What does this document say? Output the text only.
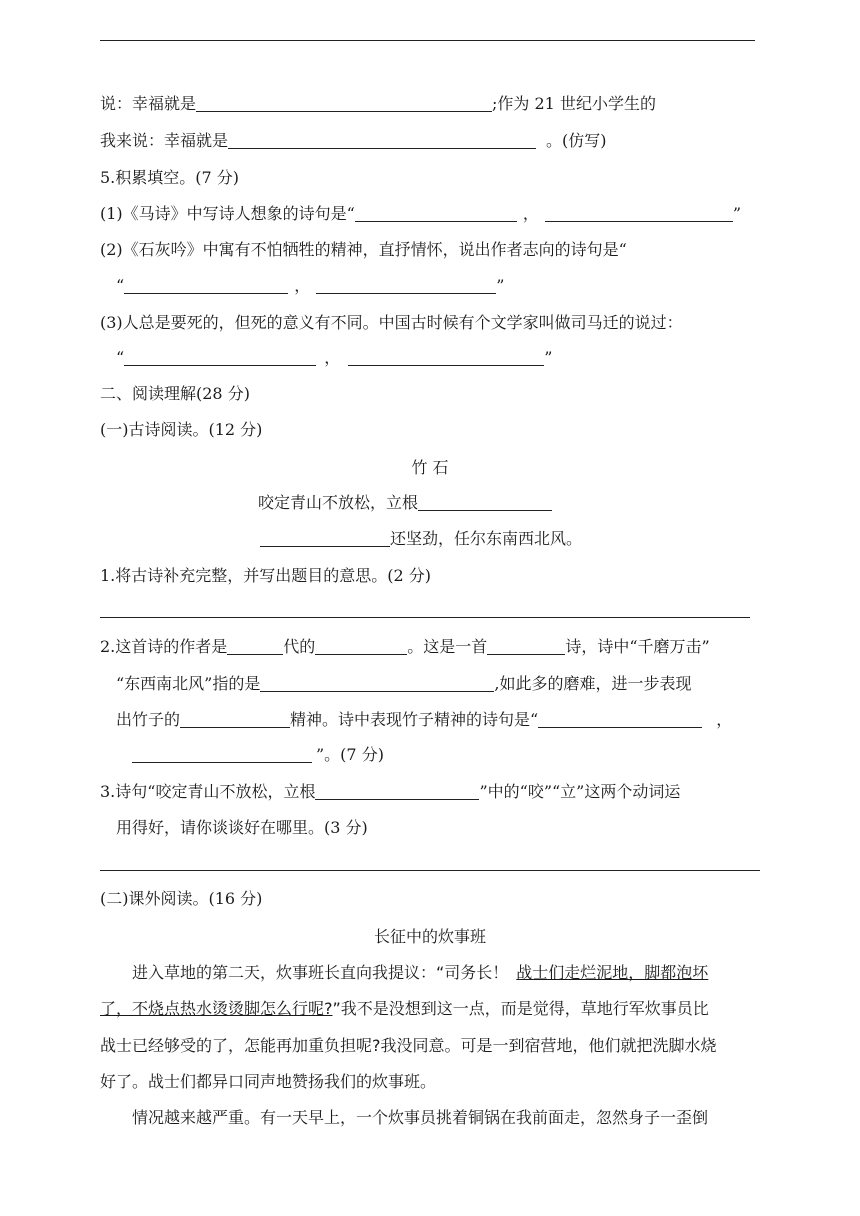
说：幸福就是	;作为 21 世纪小学生的
我来说：幸福就是	。(仿写)
5.积累填空。(7 分)
(1)《马诗》中写诗人想象的诗句是“	，	”
(2)《石灰吟》中寓有不怕牺牲的精神，直抒情怀，说出作者志向的诗句是“
“	，	”
(3)人总是要死的，但死的意义有不同。中国古时候有个文学家叫做司马迁的说过：
“	，	”
二、阅读理解(28 分)
(一)古诗阅读。(12 分)
竹 石
咬定青山不放松，立根
还坚劲，任尔东南西北风。
1.将古诗补充完整，并写出题目的意思。(2 分)
2.这首诗的作者是	代的	。这是一首	诗，诗中“千磨万击”
“东西南北风”指的是	,如此多的磨难，进一步表现
出竹子的	精神。诗中表现竹子精神的诗句是“	，
”。(7 分)
3.诗句“咬定青山不放松，立根	”中的“咬”“立”这两个动词运
用得好，请你谈谈好在哪里。(3 分)
(二)课外阅读。(16 分)
长征中的炊事班
进入草地的第二天，炊事班长直向我提议：“司务长！ 战士们走烂泥地，脚都泡坏
了，不烧点热水烫烫脚怎么行呢?”我不是没想到这一点，而是觉得，草地行军炊事员比
战士已经够受的了，怎能再加重负担呢?我没同意。可是一到宿营地，他们就把洗脚水烧
好了。战士们都异口同声地赞扬我们的炊事班。
情况越来越严重。有一天早上，一个炊事员挑着铜锅在我前面走，忽然身子一歪倒
